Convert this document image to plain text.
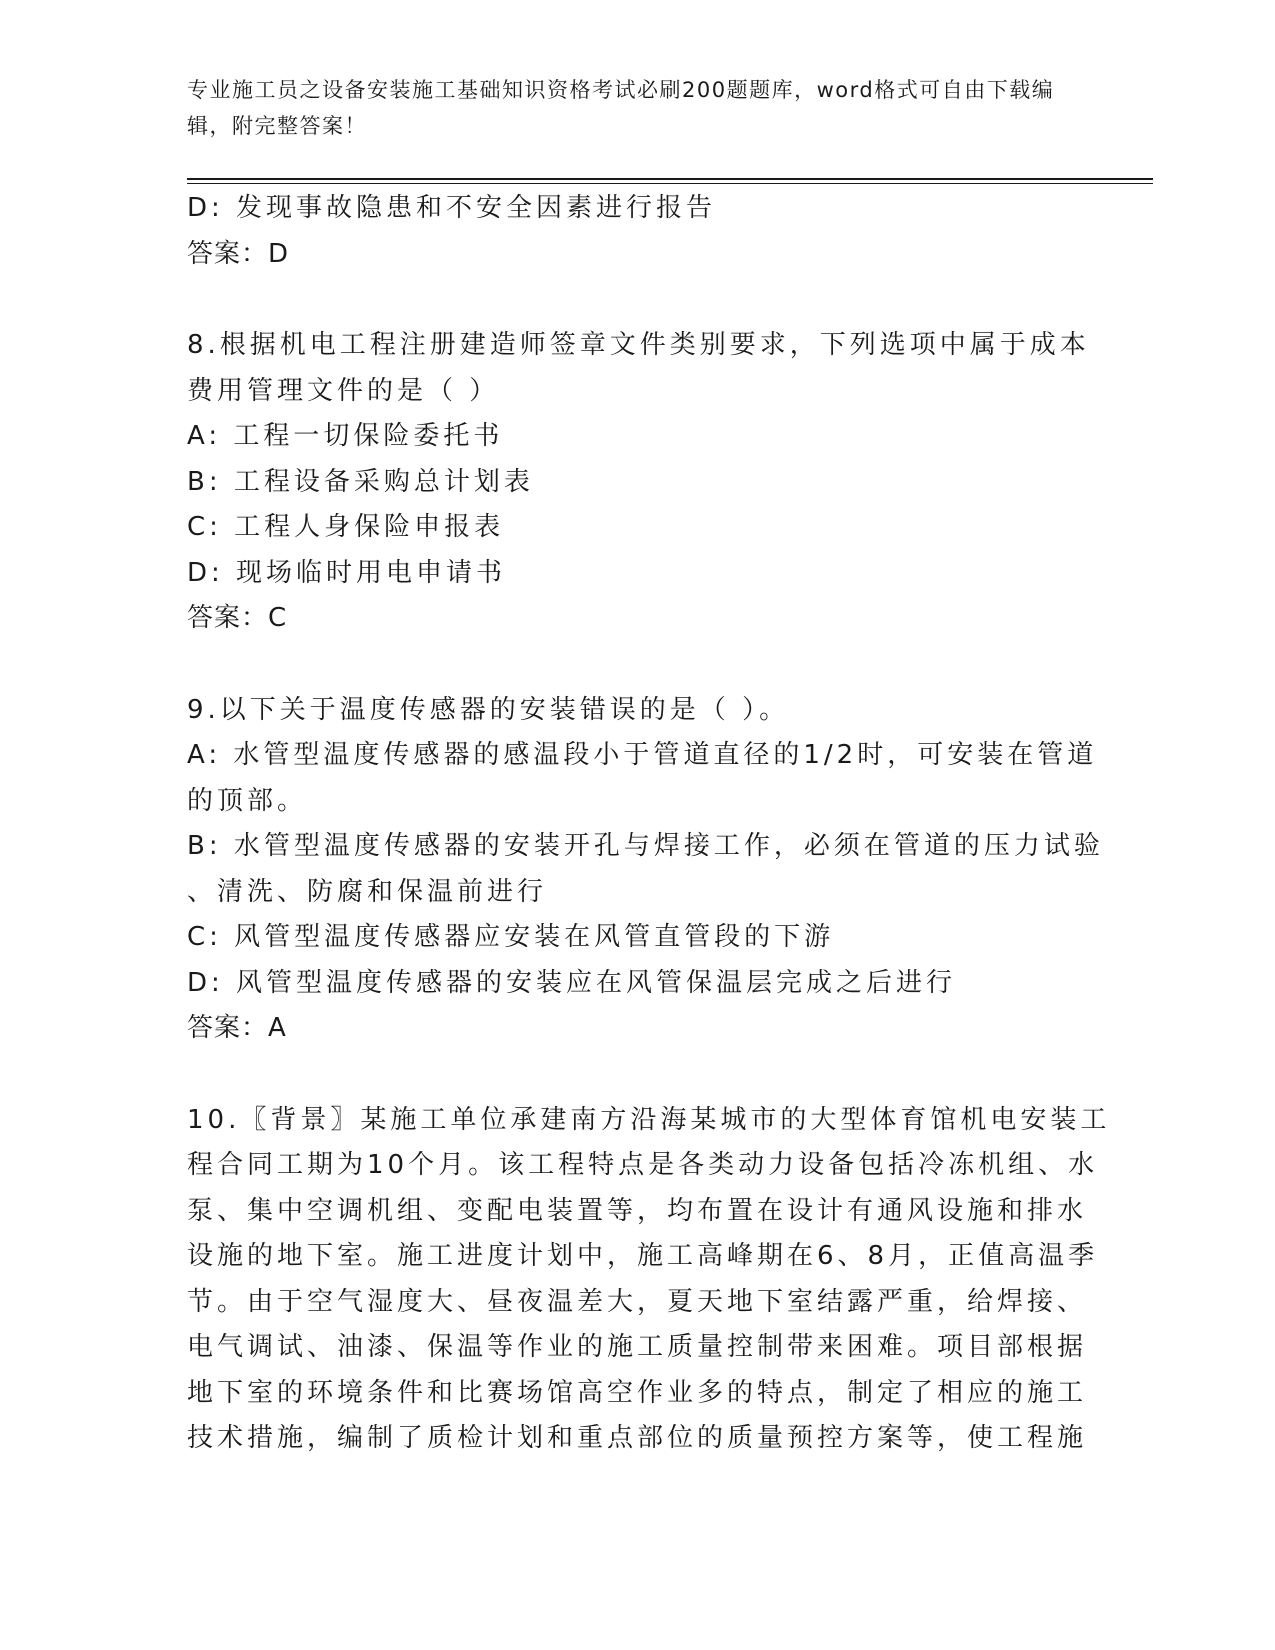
专业施工员之设备安装施工基础知识资格考试必刷200题题库，word格式可自由下载编辑，附完整答案！
D: 发现事故隐患和不安全因素进行报告
答案：D
8.根据机电工程注册建造师签章文件类别要求，下列选项中属于成本
费用管理文件的是（ ）
A: 工程一切保险委托书
B: 工程设备采购总计划表
C: 工程人身保险申报表
D: 现场临时用电申请书
答案：C
9.以下关于温度传感器的安装错误的是（ ）。
A: 水管型温度传感器的感温段小于管道直径的1/2时，可安装在管道
的顶部。
B: 水管型温度传感器的安装开孔与焊接工作，必须在管道的压力试验
、清洗、防腐和保温前进行
C: 风管型温度传感器应安装在风管直管段的下游
D: 风管型温度传感器的安装应在风管保温层完成之后进行
答案：A
10.〖背景〗某施工单位承建南方沿海某城市的大型体育馆机电安装工
程合同工期为10个月。该工程特点是各类动力设备包括冷冻机组、水
泵、集中空调机组、变配电装置等，均布置在设计有通风设施和排水
设施的地下室。施工进度计划中，施工高峰期在6、8月，正值高温季
节。由于空气湿度大、昼夜温差大，夏天地下室结露严重，给焊接、
电气调试、油漆、保温等作业的施工质量控制带来困难。项目部根据
地下室的环境条件和比赛场馆高空作业多的特点，制定了相应的施工
技术措施，编制了质检计划和重点部位的质量预控方案等，使工程施
